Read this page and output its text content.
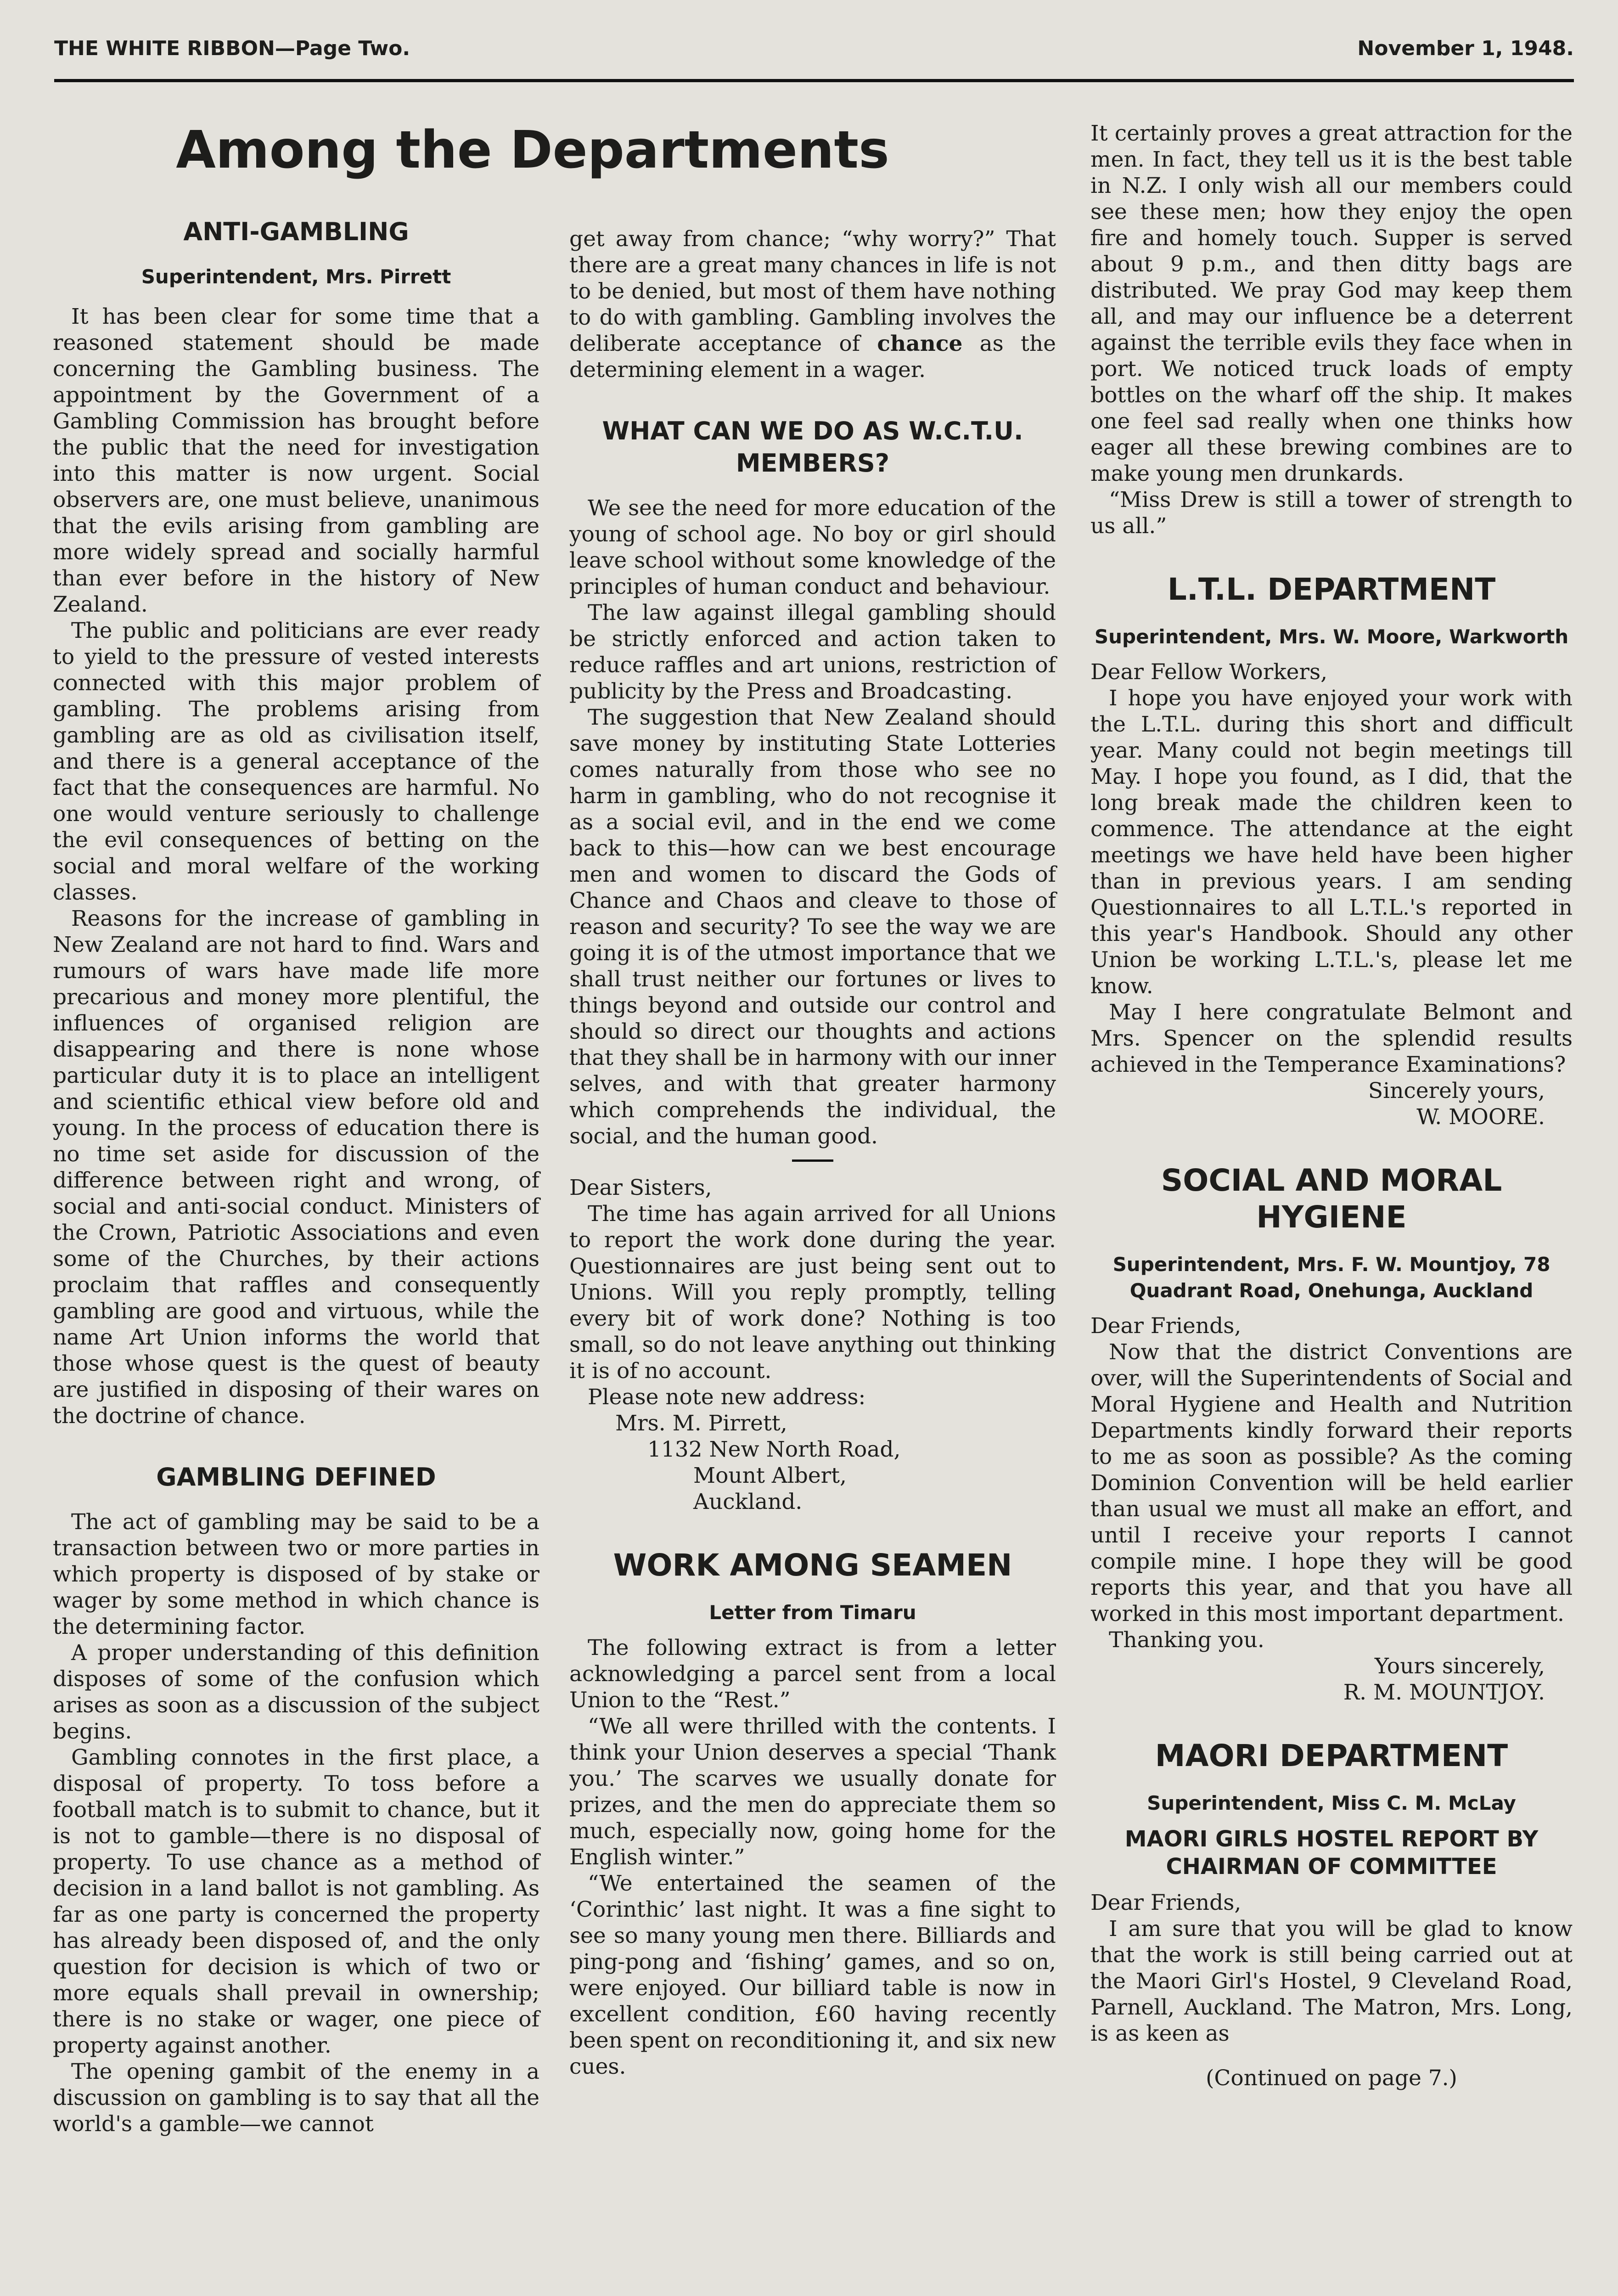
THE WHITE RIBBON—Page Two.	November 1, 1948.
Among the Departments
ANTI-GAMBLING
Superintendent, Mrs. Pirrett

It has been clear for some time that a reasoned statement should be made concerning the Gambling business. The appointment by the Government of a Gambling Commission has brought before the public that the need for investigation into this matter is now urgent. Social observers are, one must believe, unanimous that the evils arising from gambling are more widely spread and socially harmful than ever before in the history of New Zealand.

The public and politicians are ever ready to yield to the pressure of vested interests connected with this major problem of gambling. The problems arising from gambling are as old as civilisation itself, and there is a general acceptance of the fact that the consequences are harmful. No one would venture seriously to challenge the evil consequences of betting on the social and moral welfare of the working classes.

Reasons for the increase of gambling in New Zealand are not hard to find. Wars and rumours of wars have made life more precarious and money more plentiful, the influences of organised religion are disappearing and there is none whose particular duty it is to place an intelligent and scientific ethical view before old and young. In the process of education there is no time set aside for discussion of the difference between right and wrong, of social and anti-social conduct. Ministers of the Crown, Patriotic Associations and even some of the Churches, by their actions proclaim that raffles and consequently gambling are good and virtuous, while the name Art Union informs the world that those whose quest is the quest of beauty are justified in disposing of their wares on the doctrine of chance.

GAMBLING DEFINED

The act of gambling may be said to be a transaction between two or more parties in which property is disposed of by stake or wager by some method in which chance is the determining factor.

A proper understanding of this definition disposes of some of the confusion which arises as soon as a discussion of the subject begins.

Gambling connotes in the first place, a disposal of property. To toss before a football match is to submit to chance, but it is not to gamble—there is no disposal of property. To use chance as a method of decision in a land ballot is not gambling. As far as one party is concerned the property has already been disposed of, and the only question for decision is which of two or more equals shall prevail in ownership; there is no stake or wager, one piece of property against another.

The opening gambit of the enemy in a discussion on gambling is to say that all the world's a gamble—we cannot

get away from chance; “why worry?” That there are a great many chances in life is not to be denied, but most of them have nothing to do with gambling. Gambling involves the deliberate acceptance of chance as the determining element in a wager.

WHAT CAN WE DO AS W.C.T.U. MEMBERS?

We see the need for more education of the young of school age. No boy or girl should leave school without some knowledge of the principles of human conduct and behaviour.

The law against illegal gambling should be strictly enforced and action taken to reduce raffles and art unions, restriction of publicity by the Press and Broadcasting.

The suggestion that New Zealand should save money by instituting State Lotteries comes naturally from those who see no harm in gambling, who do not recognise it as a social evil, and in the end we come back to this—how can we best encourage men and women to discard the Gods of Chance and Chaos and cleave to those of reason and security? To see the way we are going it is of the utmost importance that we shall trust neither our fortunes or lives to things beyond and outside our control and should so direct our thoughts and actions that they shall be in harmony with our inner selves, and with that greater harmony which comprehends the individual, the social, and the human good.

Dear Sisters,

The time has again arrived for all Unions to report the work done during the year. Questionnaires are just being sent out to Unions. Will you reply promptly, telling every bit of work done? Nothing is too small, so do not leave anything out thinking it is of no account.

Please note new address:

Mrs. M. Pirrett,

1132 New North Road,

Mount Albert,

Auckland.

WORK AMONG SEAMEN
Letter from Timaru

The following extract is from a letter acknowledging a parcel sent from a local Union to the “Rest.”

“We all were thrilled with the contents. I think your Union deserves a special ‘Thank you.’ The scarves we usually donate for prizes, and the men do appreciate them so much, especially now, going home for the English winter.”

“We entertained the seamen of the ‘Corinthic’ last night. It was a fine sight to see so many young men there. Billiards and ping-pong and ‘fishing’ games, and so on, were enjoyed. Our billiard table is now in excellent condition, £60 having recently been spent on reconditioning it, and six new cues.

It certainly proves a great attraction for the men. In fact, they tell us it is the best table in N.Z. I only wish all our members could see these men; how they enjoy the open fire and homely touch. Supper is served about 9 p.m., and then ditty bags are distributed. We pray God may keep them all, and may our influence be a deterrent against the terrible evils they face when in port. We noticed truck loads of empty bottles on the wharf off the ship. It makes one feel sad really when one thinks how eager all these brewing combines are to make young men drunkards.

“Miss Drew is still a tower of strength to us all.”

L.T.L. DEPARTMENT
Superintendent, Mrs. W. Moore, Warkworth

Dear Fellow Workers,

I hope you have enjoyed your work with the L.T.L. during this short and difficult year. Many could not begin meetings till May. I hope you found, as I did, that the long break made the children keen to commence. The attendance at the eight meetings we have held have been higher than in previous years. I am sending Questionnaires to all L.T.L.'s reported in this year's Handbook. Should any other Union be working L.T.L.'s, please let me know.

May I here congratulate Belmont and Mrs. Spencer on the splendid results achieved in the Temperance Examinations?

Sincerely yours,

W. MOORE.

SOCIAL AND MORAL HYGIENE
Superintendent, Mrs. F. W. Mountjoy, 78 Quadrant Road, Onehunga, Auckland

Dear Friends,

Now that the district Conventions are over, will the Superintendents of Social and Moral Hygiene and Health and Nutrition Departments kindly forward their reports to me as soon as possible? As the coming Dominion Convention will be held earlier than usual we must all make an effort, and until I receive your reports I cannot compile mine. I hope they will be good reports this year, and that you have all worked in this most important department.

Thanking you.

Yours sincerely,

R. M. MOUNTJOY.

MAORI DEPARTMENT
Superintendent, Miss C. M. McLay
MAORI GIRLS HOSTEL REPORT BY CHAIRMAN OF COMMITTEE

Dear Friends,

I am sure that you will be glad to know that the work is still being carried out at the Maori Girl's Hostel, 9 Cleveland Road, Parnell, Auckland. The Matron, Mrs. Long, is as keen as

(Continued on page 7.)
